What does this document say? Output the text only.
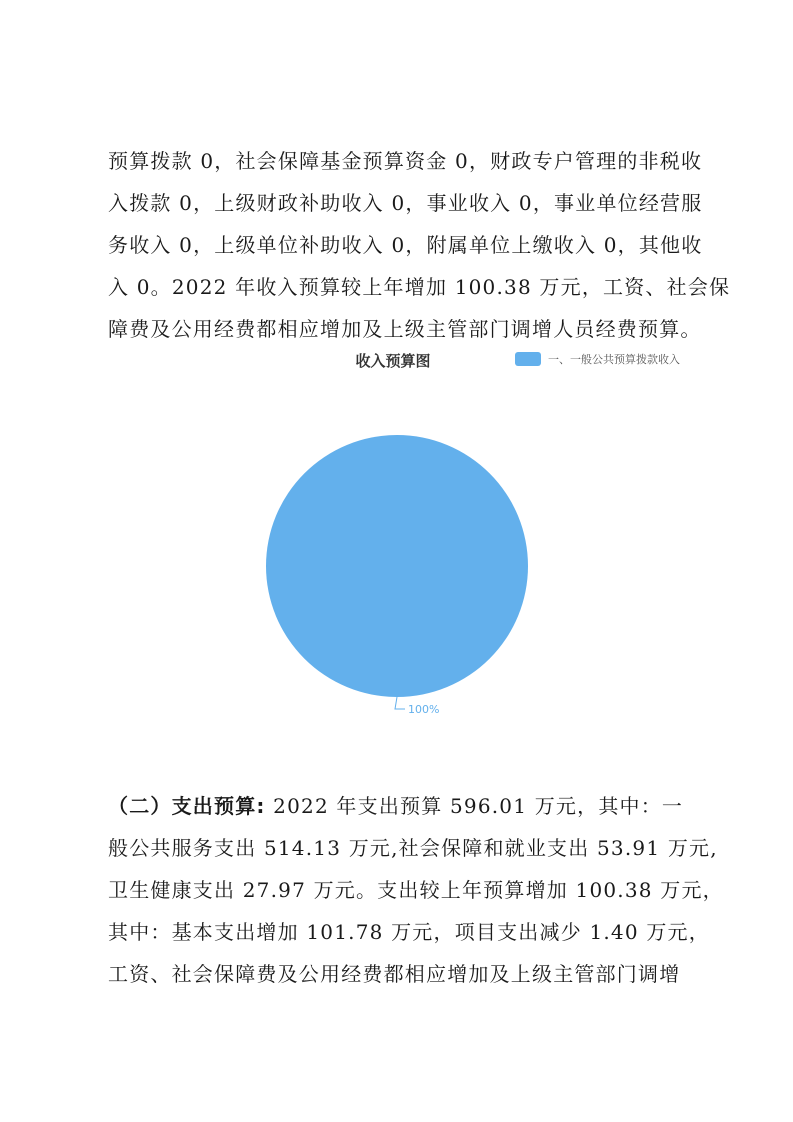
预算拨款 0，社会保障基金预算资金 0，财政专户管理的非税收
入拨款 0，上级财政补助收入 0，事业收入 0，事业单位经营服
务收入 0，上级单位补助收入 0，附属单位上缴收入 0，其他收
入 0。2022 年收入预算较上年增加 100.38 万元，工资、社会保
障费及公用经费都相应增加及上级主管部门调增人员经费预算。
收入预算图	一、一般公共预算拨款收入
100%
（二）支出预算: 2022 年支出预算 596.01 万元，其中：一
般公共服务支出 514.13 万元,社会保障和就业支出 53.91 万元,
卫生健康支出 27.97 万元。支出较上年预算增加 100.38 万元，
其中：基本支出增加 101.78 万元，项目支出减少 1.40 万元，
工资、社会保障费及公用经费都相应增加及上级主管部门调增
